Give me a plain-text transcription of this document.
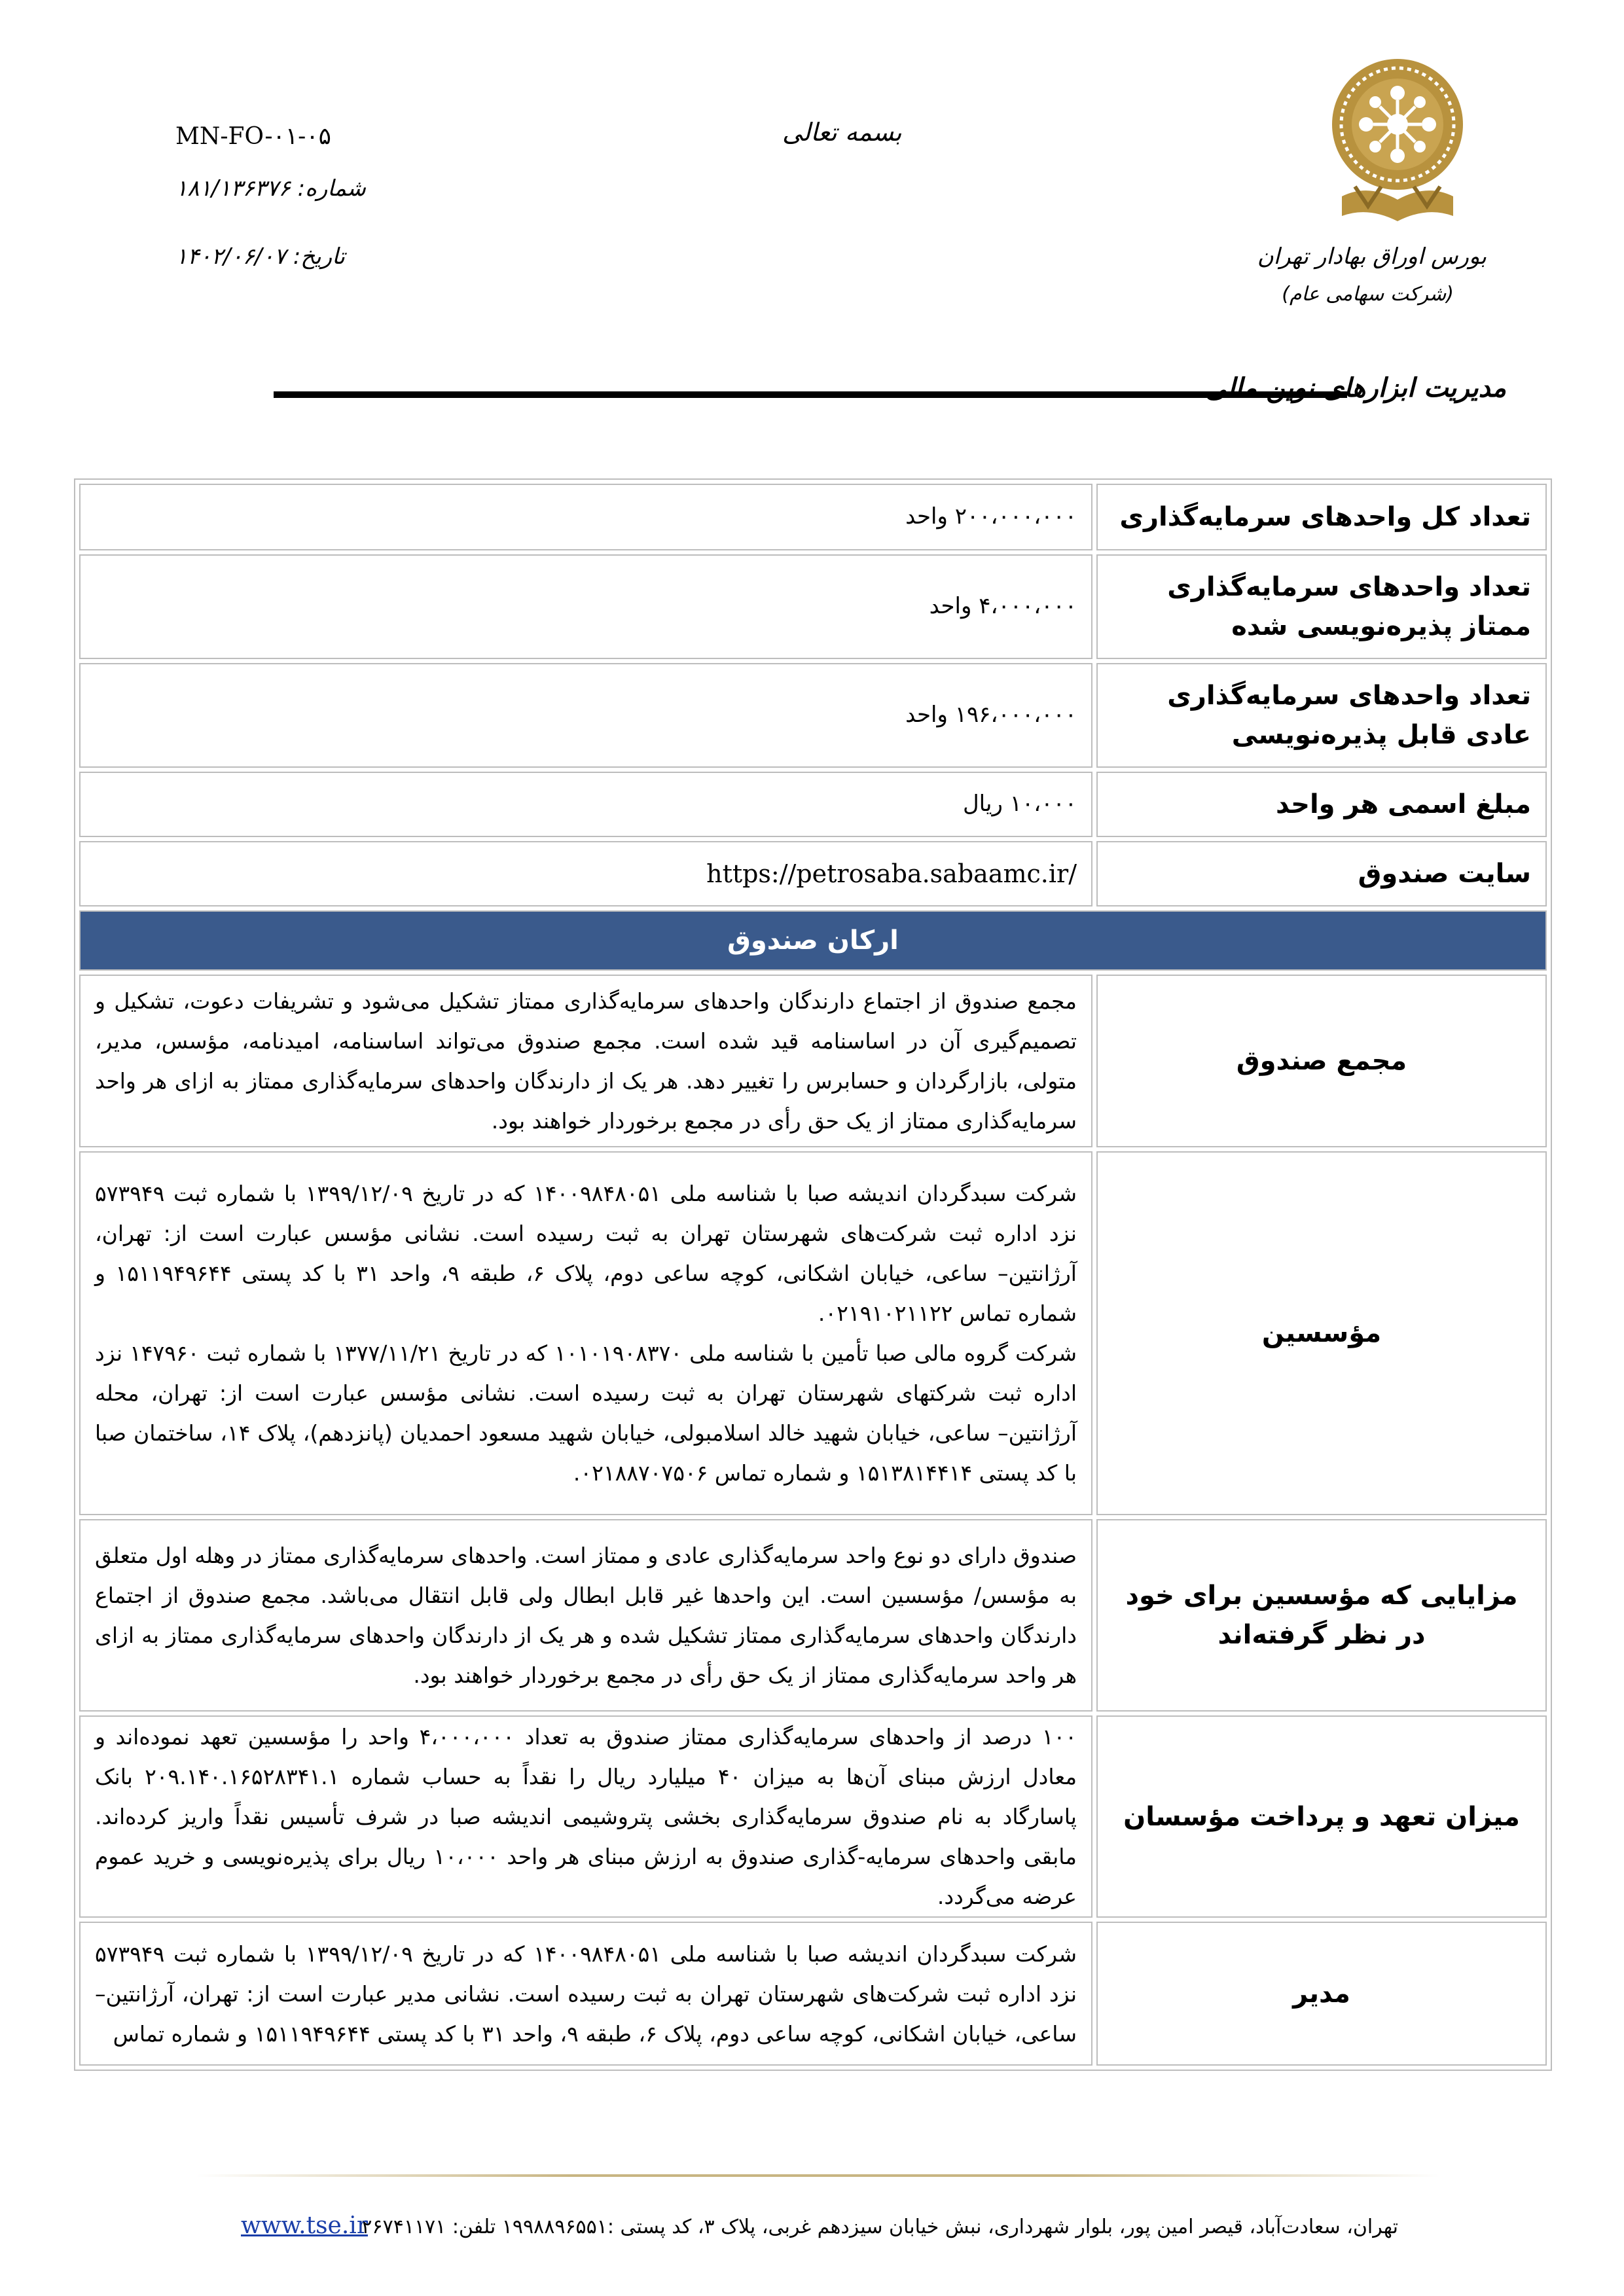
MN-FO-۰۱-۰۵
شماره: ۱۸۱/۱۳۶۳۷۶
تاریخ: ۱۴۰۲/۰۶/۰۷
بسمه تعالی
بورس اوراق بهادار تهران
(شرکت سهامی عام)
مدیریت ابزارهای نوین مالی
تعداد کل واحدهای سرمایه‌گذاری	۲۰۰،۰۰۰،۰۰۰ واحد
تعداد واحدهای سرمایه‌گذاری ممتاز پذیره‌نویسی شده	۴،۰۰۰،۰۰۰ واحد
تعداد واحدهای سرمایه‌گذاری عادی قابل پذیره‌نویسی	۱۹۶،۰۰۰،۰۰۰ واحد
مبلغ اسمی هر واحد	۱۰،۰۰۰ ریال
سایت صندوق	https://petrosaba.sabaamc.ir/
ارکان صندوق	
مجمع صندوق	مجمع صندوق از اجتماع دارندگان واحدهای سرمایه‌گذاری ممتاز تشکیل می‌شود و تشریفات دعوت، تشکیل و تصمیم‌گیری آن در اساسنامه قید شده است. مجمع صندوق می‌تواند اساسنامه، امیدنامه، مؤسس، مدیر، متولی، بازارگردان و حسابرس را تغییر دهد. هر یک از دارندگان واحدهای سرمایه‌گذاری ممتاز به ازای هر واحد سرمایه‌گذاری ممتاز از یک حق رأی در مجمع برخوردار خواهند بود.
مؤسسین	شرکت سبدگردان اندیشه صبا با شناسه ملی ۱۴۰۰۹۸۴۸۰۵۱ که در تاریخ ۱۳۹۹/۱۲/۰۹ با شماره ثبت ۵۷۳۹۴۹ نزد اداره ثبت شرکت‌های شهرستان تهران به ثبت رسیده است. نشانی مؤسس عبارت است از: تهران، آرژانتین– ساعی، خیابان اشکانی، کوچه ساعی دوم، پلاک ۶، طبقه ۹، واحد ۳۱ با کد پستی ۱۵۱۱۹۴۹۶۴۴ و شماره تماس ۰۲۱۹۱۰۲۱۱۲۲.
شرکت گروه مالی صبا تأمین با شناسه ملی ۱۰۱۰۱۹۰۸۳۷۰ که در تاریخ ۱۳۷۷/۱۱/۲۱ با شماره ثبت ۱۴۷۹۶۰ نزد اداره ثبت شرکتهای شهرستان تهران به ثبت رسیده است. نشانی مؤسس عبارت است از: تهران، محله آرژانتین– ساعی، خیابان شهید خالد اسلامبولی، خیابان شهید مسعود احمدیان (پانزدهم)، پلاک ۱۴، ساختمان صبا با کد پستی ۱۵۱۳۸۱۴۴۱۴ و شماره تماس ۰۲۱۸۸۷۰۷۵۰۶.

مزایایی که مؤسسین برای خود در نظر گرفته‌اند	صندوق دارای دو نوع واحد سرمایه‌گذاری عادی و ممتاز است. واحدهای سرمایه‌گذاری ممتاز در وهله اول متعلق به مؤسس/ مؤسسین است. این واحدها غیر قابل ابطال ولی قابل انتقال می‌باشد. مجمع صندوق از اجتماع دارندگان واحدهای سرمایه‌گذاری ممتاز تشکیل شده و هر یک از دارندگان واحدهای سرمایه‌گذاری ممتاز به ازای هر واحد سرمایه‌گذاری ممتاز از یک حق رأی در مجمع برخوردار خواهند بود.
میزان تعهد و پرداخت مؤسسان	۱۰۰ درصد از واحدهای سرمایه‌گذاری ممتاز صندوق به تعداد ۴،۰۰۰،۰۰۰ واحد را مؤسسین تعهد نموده‌اند و معادل ارزش مبنای آن‌ها به میزان ۴۰ میلیارد ریال را نقداً به حساب شماره ۲۰۹.۱۴۰.۱۶۵۲۸۳۴۱.۱ بانک پاسارگاد به نام صندوق سرمایه‌گذاری بخشی پتروشیمی اندیشه صبا در شرف تأسیس نقداً واریز کرده‌اند. مابقی واحدهای سرمایه-گذاری صندوق به ارزش مبنای هر واحد ۱۰،۰۰۰ ریال برای پذیره‌نویسی و خرید عموم عرضه می‌گردد.
مدیر	شرکت سبدگردان اندیشه صبا با شناسه ملی ۱۴۰۰۹۸۴۸۰۵۱ که در تاریخ ۱۳۹۹/۱۲/۰۹ با شماره ثبت ۵۷۳۹۴۹ نزد اداره ثبت شرکت‌های شهرستان تهران به ثبت رسیده است. نشانی مدیر عبارت است از: تهران، آرژانتین– ساعی، خیابان اشکانی، کوچه ساعی دوم، پلاک ۶، طبقه ۹، واحد ۳۱ با کد پستی ۱۵۱۱۹۴۹۶۴۴ و شماره تماس
تهران، سعادت‌آباد، قیصر امین پور، بلوار شهرداری، نبش خیابان سیزدهم غربی، پلاک ۳، کد پستی :۱۹۹۸۸۹۶۵۵۱ تلفن: ۲۶۷۴۱۱۷۱
www.tse.ir
